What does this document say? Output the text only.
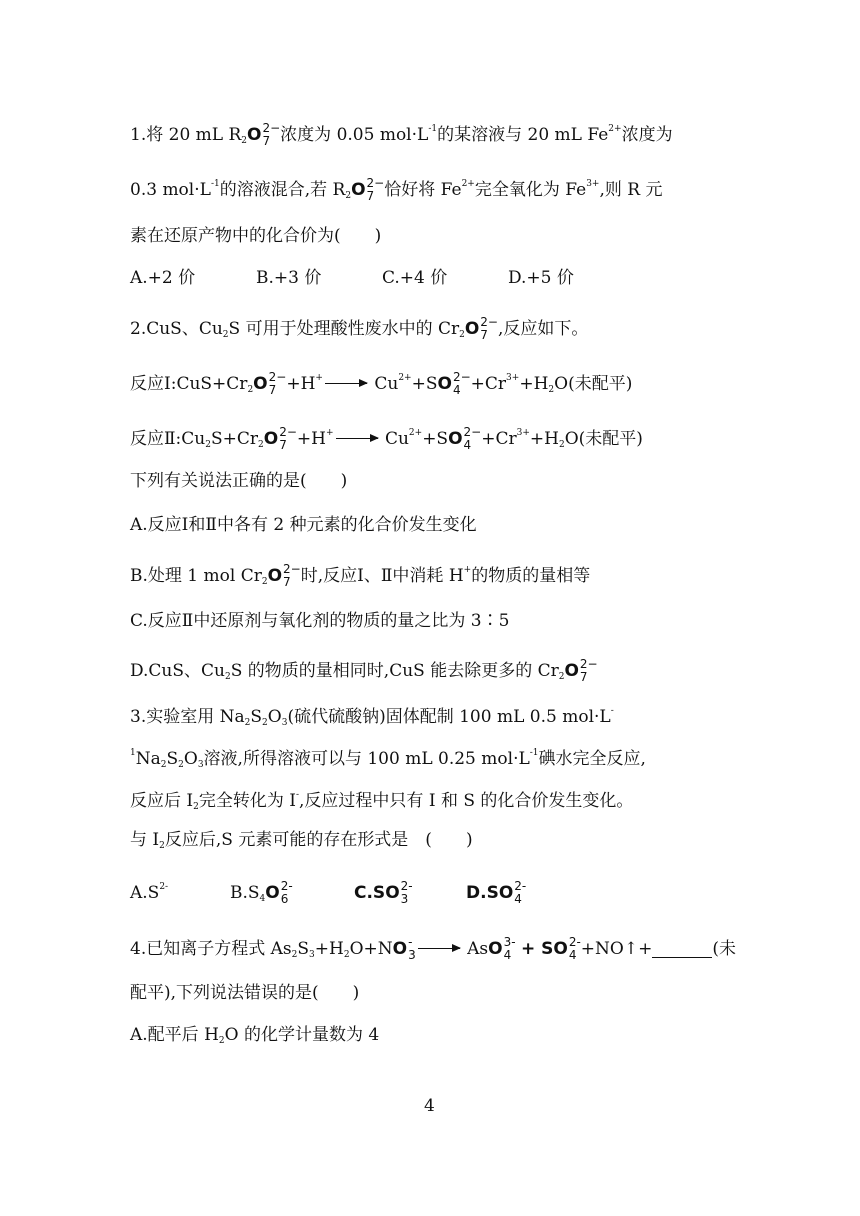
1.将 20 mL $R_2O$ 2−
7 浓度为 0.05 $mol\cdot L^{-1}$的某溶液与 20 mL $Fe^{2+}$浓度为
0.3 $mol\cdot L^{-1}$的溶液混合,若 $R_2O$ 2−
7 恰好将 $Fe^{2+}$完全氧化为 $Fe^{3+}$,则 R 元
素在还原产物中的化合价为(　　)
A.+2 价	B.+3 价	C.+4 价	D.+5 价
2.CuS、$Cu_2S$ 可用于处理酸性废水中的 $Cr_2O$ 2−
7 ,反应如下。
反应$Ⅰ:CuS+Cr_2O$ 2−
$7 +H^+ \to Cu^{2+}+SO$ 2−
$4 +Cr^{3+}+H_2O$(未配平)
反应$Ⅱ:Cu_2S+Cr_2O$ 2−
$7 +H^+ \to Cu^{2+}+SO$ 2−
$4 +Cr^{3+}+H_2O$(未配平)
下列有关说法正确的是(　　)
A.反应Ⅰ和Ⅱ中各有 2 种元素的化合价发生变化
B.处理 1 mol $Cr_2O$ 2−
7 时,反应Ⅰ、Ⅱ中消耗 H+的物质的量相等
C.反应Ⅱ中还原剂与氧化剂的物质的量之比为 3∶5
D.CuS、$Cu_2S$ 的物质的量相同时,CuS 能去除更多的 $Cr_2O$ 2−
7
3.实验室用 $Na_2S_2O_3$(硫代硫酸钠)固体配制 100 mL 0.5 mol·L-
$^1Na_2S_2O_3$溶液,所得溶液可以与 100 mL 0.25 $mol\cdot L^{-1}$碘水完全反应,
反应后 $I_2$完全转化为 I-,反应过程中只有 I 和 S 的化合价发生变化。
与 $I_2$反应后,S 元素可能的存在形式是　(　　)
$A.S^{2-}$	$B.S_4O$ 2-
6	C.SO 2-
3	D.SO 2-
4
4.已知离子方程式 $As_2S_3+H_2O+NO$ -
3 → AsO 3-
4 + SO 2-
4 +NO↑+	(未
配平),下列说法错误的是(　　)
A.配平后 $H_2O$ 的化学计量数为 4
4
